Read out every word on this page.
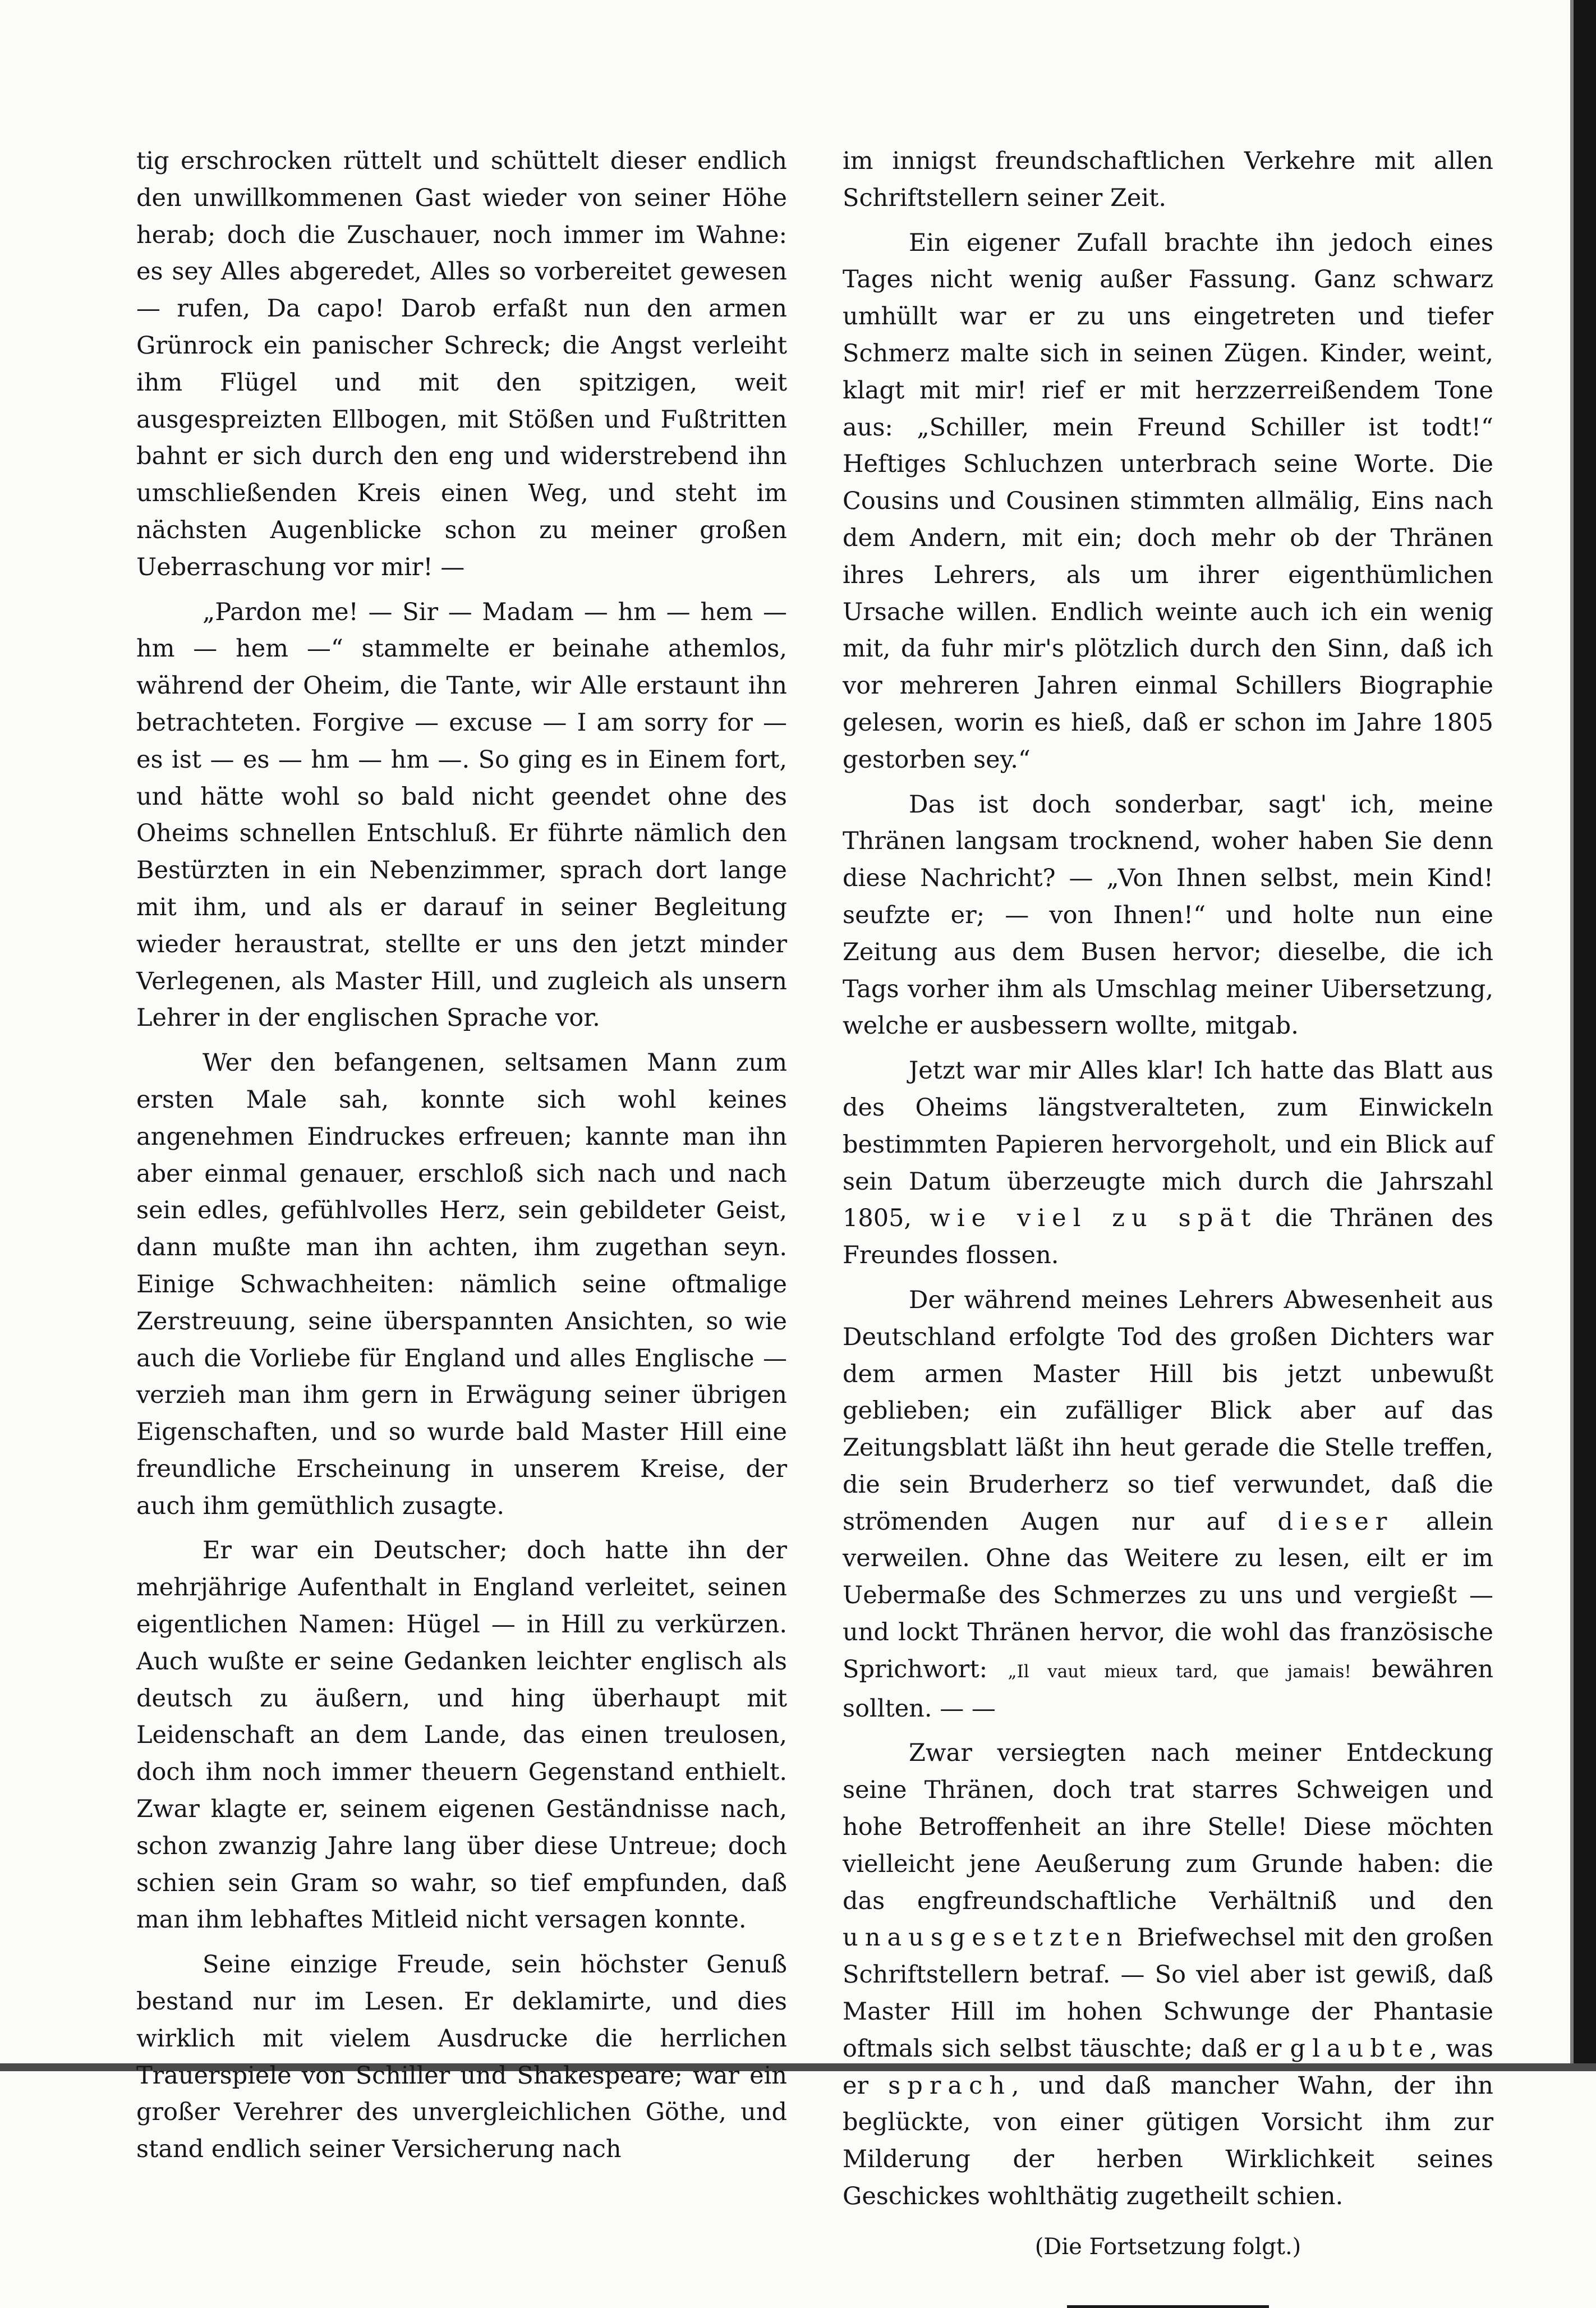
tig erschrocken rüttelt und schüttelt dieser endlich den unwillkommenen Gast wieder von seiner Höhe herab; doch die Zuschauer, noch immer im Wahne: es sey Alles abgeredet, Alles so vorbereitet gewesen — rufen, Da capo! Darob erfaßt nun den armen Grünrock ein panischer Schreck; die Angst verleiht ihm Flügel und mit den spitzigen, weit ausgespreizten Ellbogen, mit Stößen und Fußtritten bahnt er sich durch den eng und widerstrebend ihn umschließenden Kreis einen Weg, und steht im nächsten Augenblicke schon zu meiner großen Ueberraschung vor mir! —

„Pardon me! — Sir — Madam — hm — hem — hm — hem —“ stammelte er beinahe athemlos, während der Oheim, die Tante, wir Alle erstaunt ihn betrachteten. Forgive — excuse — I am sorry for — es ist — es — hm — hm —. So ging es in Einem fort, und hätte wohl so bald nicht geendet ohne des Oheims schnellen Entschluß. Er führte nämlich den Bestürzten in ein Nebenzimmer, sprach dort lange mit ihm, und als er darauf in seiner Begleitung wieder heraustrat, stellte er uns den jetzt minder Verlegenen, als Master Hill, und zugleich als unsern Lehrer in der englischen Sprache vor.

Wer den befangenen, seltsamen Mann zum ersten Male sah, konnte sich wohl keines angenehmen Eindruckes erfreuen; kannte man ihn aber einmal genauer, erschloß sich nach und nach sein edles, gefühlvolles Herz, sein gebildeter Geist, dann mußte man ihn achten, ihm zugethan seyn. Einige Schwachheiten: nämlich seine oftmalige Zerstreuung, seine überspannten Ansichten, so wie auch die Vorliebe für England und alles Englische — verzieh man ihm gern in Erwägung seiner übrigen Eigenschaften, und so wurde bald Master Hill eine freundliche Erscheinung in unserem Kreise, der auch ihm gemüthlich zusagte.

Er war ein Deutscher; doch hatte ihn der mehrjährige Aufenthalt in England verleitet, seinen eigentlichen Namen: Hügel — in Hill zu verkürzen. Auch wußte er seine Gedanken leichter englisch als deutsch zu äußern, und hing überhaupt mit Leidenschaft an dem Lande, das einen treulosen, doch ihm noch immer theuern Gegenstand enthielt. Zwar klagte er, seinem eigenen Geständnisse nach, schon zwanzig Jahre lang über diese Untreue; doch schien sein Gram so wahr, so tief empfunden, daß man ihm lebhaftes Mitleid nicht versagen konnte.

Seine einzige Freude, sein höchster Genuß bestand nur im Lesen. Er deklamirte, und dies wirklich mit vielem Ausdrucke die herrlichen Trauerspiele von Schiller und Shakespeare; war ein großer Verehrer des unvergleichlichen Göthe, und stand endlich seiner Versicherung nach

im innigst freundschaftlichen Verkehre mit allen Schriftstellern seiner Zeit.

Ein eigener Zufall brachte ihn jedoch eines Tages nicht wenig außer Fassung. Ganz schwarz umhüllt war er zu uns eingetreten und tiefer Schmerz malte sich in seinen Zügen. Kinder, weint, klagt mit mir! rief er mit herzzerreißendem Tone aus: „Schiller, mein Freund Schiller ist todt!“ Heftiges Schluchzen unterbrach seine Worte. Die Cousins und Cousinen stimmten allmälig, Eins nach dem Andern, mit ein; doch mehr ob der Thränen ihres Lehrers, als um ihrer eigenthümlichen Ursache willen. Endlich weinte auch ich ein wenig mit, da fuhr mir's plötzlich durch den Sinn, daß ich vor mehreren Jahren einmal Schillers Biographie gelesen, worin es hieß, daß er schon im Jahre 1805 gestorben sey.“

Das ist doch sonderbar, sagt' ich, meine Thränen langsam trocknend, woher haben Sie denn diese Nachricht? — „Von Ihnen selbst, mein Kind! seufzte er; — von Ihnen!“ und holte nun eine Zeitung aus dem Busen hervor; dieselbe, die ich Tags vorher ihm als Umschlag meiner Uibersetzung, welche er ausbessern wollte, mitgab.

Jetzt war mir Alles klar! Ich hatte das Blatt aus des Oheims längstveralteten, zum Einwickeln bestimmten Papieren hervorgeholt, und ein Blick auf sein Datum überzeugte mich durch die Jahrszahl 1805, wie viel zu spät die Thränen des Freundes flossen.

Der während meines Lehrers Abwesenheit aus Deutschland erfolgte Tod des großen Dichters war dem armen Master Hill bis jetzt unbewußt geblieben; ein zufälliger Blick aber auf das Zeitungsblatt läßt ihn heut gerade die Stelle treffen, die sein Bruderherz so tief verwundet, daß die strömenden Augen nur auf dieser allein verweilen. Ohne das Weitere zu lesen, eilt er im Uebermaße des Schmerzes zu uns und vergießt — und lockt Thränen hervor, die wohl das französische Sprichwort: „Il vaut mieux tard, que jamais! bewähren sollten. — —

Zwar versiegten nach meiner Entdeckung seine Thränen, doch trat starres Schweigen und hohe Betroffenheit an ihre Stelle! Diese möchten vielleicht jene Aeußerung zum Grunde haben: die das engfreundschaftliche Verhältniß und den unausgesetzten Briefwechsel mit den großen Schriftstellern betraf. — So viel aber ist gewiß, daß Master Hill im hohen Schwunge der Phantasie oftmals sich selbst täuschte; daß er glaubte, was er sprach, und daß mancher Wahn, der ihn beglückte, von einer gütigen Vorsicht ihm zur Milderung der herben Wirklichkeit seines Geschickes wohlthätig zugetheilt schien.

(Die Fortsetzung folgt.)
